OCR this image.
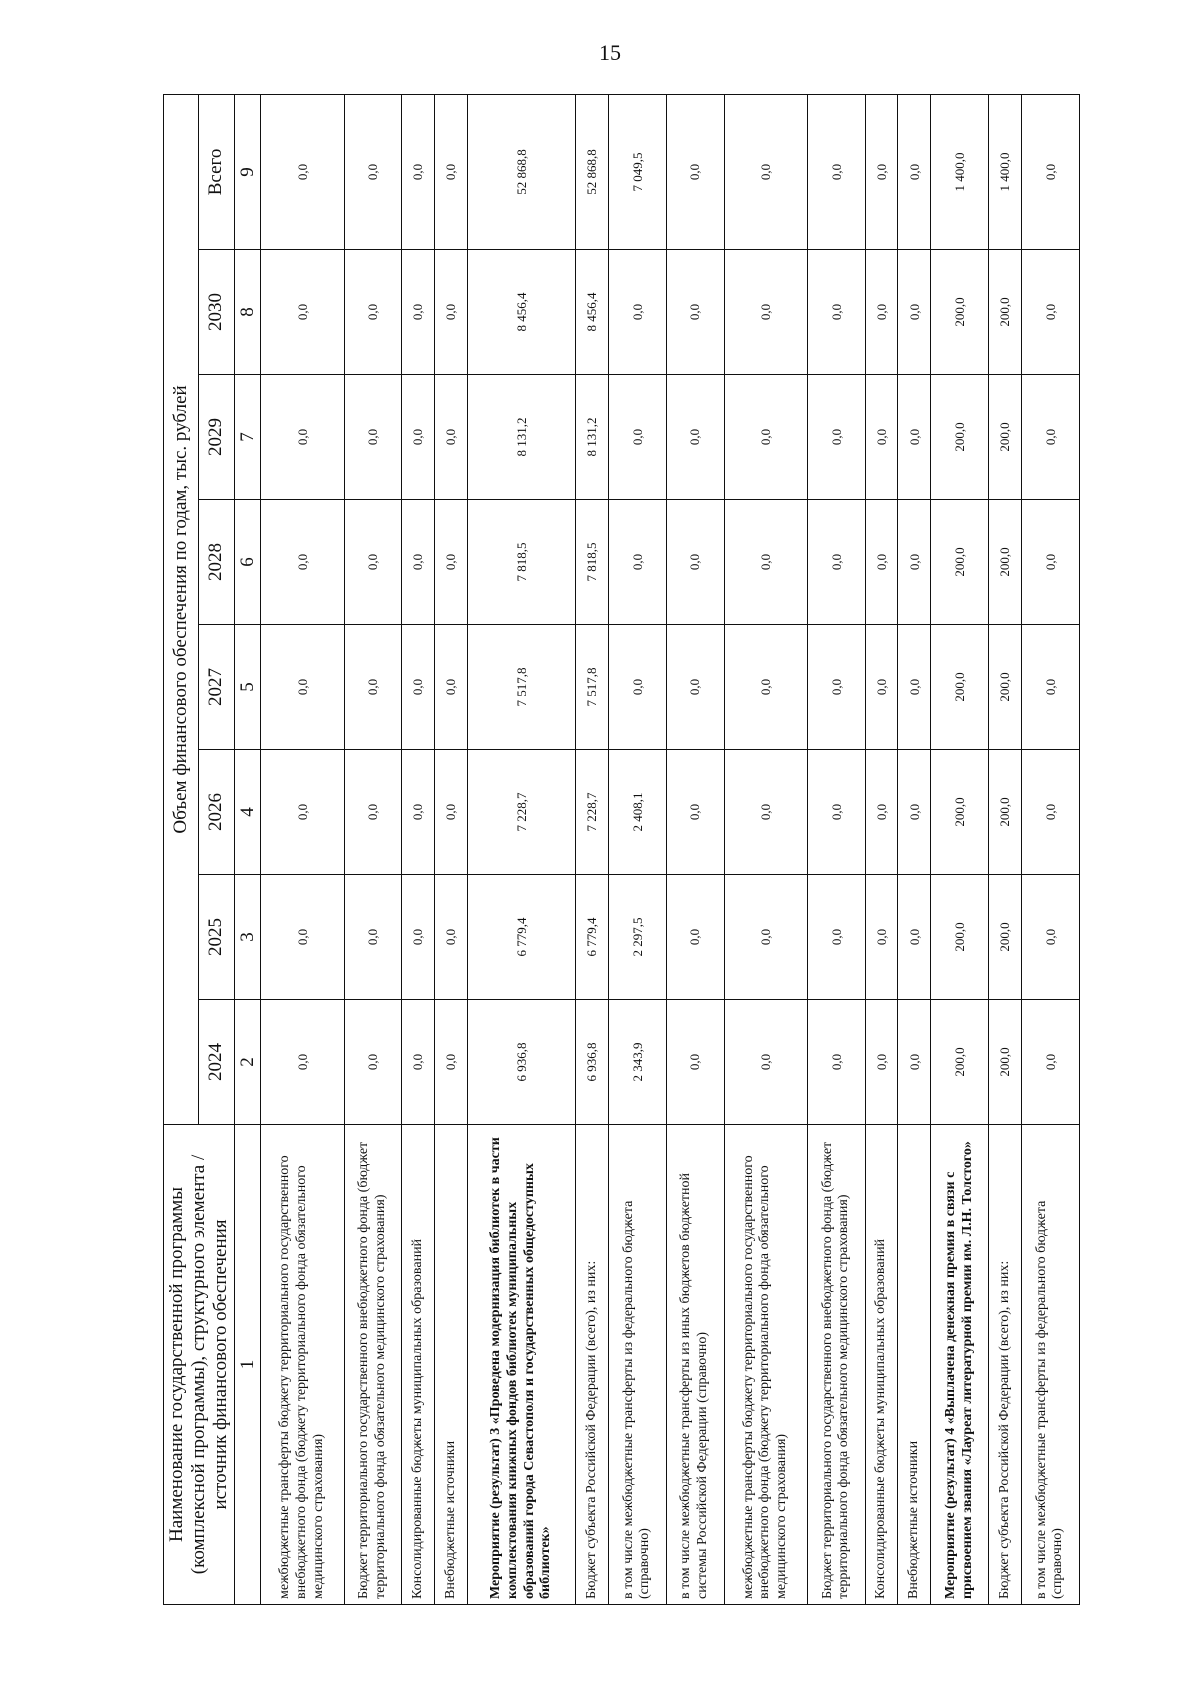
15
Наименование государственной программы (комплексной программы), структурного элемента / источник финансового обеспечения	Объем финансового обеспечения по годам, тыс. рублей							
	2024	2025	2026	2027	2028	2029	2030	Всего
1	2	3	4	5	6	7	8	9
межбюджетные трансферты бюджету территориального государственного внебюджетного фонда (бюджету территориального фонда обязательного медицинского страхования)	0,0	0,0	0,0	0,0	0,0	0,0	0,0	0,0
Бюджет территориального государственного внебюджетного фонда (бюджет территориального фонда обязательного медицинского страхования)	0,0	0,0	0,0	0,0	0,0	0,0	0,0	0,0
Консолидированные бюджеты муниципальных образований	0,0	0,0	0,0	0,0	0,0	0,0	0,0	0,0
Внебюджетные источники	0,0	0,0	0,0	0,0	0,0	0,0	0,0	0,0
Мероприятие (результат) 3 «Проведена модернизация библиотек в части комплектования книжных фондов библиотек муниципальных образований города Севастополя и государственных общедоступных библиотек»	6 936,8	6 779,4	7 228,7	7 517,8	7 818,5	8 131,2	8 456,4	52 868,8
Бюджет субъекта Российской Федерации (всего), из них:	6 936,8	6 779,4	7 228,7	7 517,8	7 818,5	8 131,2	8 456,4	52 868,8
в том числе межбюджетные трансферты из федерального бюджета (справочно)	2 343,9	2 297,5	2 408,1	0,0	0,0	0,0	0,0	7 049,5
в том числе межбюджетные трансферты из иных бюджетов бюджетной системы Российской Федерации (справочно)	0,0	0,0	0,0	0,0	0,0	0,0	0,0	0,0
межбюджетные трансферты бюджету территориального государственного внебюджетного фонда (бюджету территориального фонда обязательного медицинского страхования)	0,0	0,0	0,0	0,0	0,0	0,0	0,0	0,0
Бюджет территориального государственного внебюджетного фонда (бюджет территориального фонда обязательного медицинского страхования)	0,0	0,0	0,0	0,0	0,0	0,0	0,0	0,0
Консолидированные бюджеты муниципальных образований	0,0	0,0	0,0	0,0	0,0	0,0	0,0	0,0
Внебюджетные источники	0,0	0,0	0,0	0,0	0,0	0,0	0,0	0,0
Мероприятие (результат) 4 «Выплачена денежная премия в связи с присвоением звания «Лауреат литературной премии им. Л.Н. Толстого»	200,0	200,0	200,0	200,0	200,0	200,0	200,0	1 400,0
Бюджет субъекта Российской Федерации (всего), из них:	200,0	200,0	200,0	200,0	200,0	200,0	200,0	1 400,0
в том числе межбюджетные трансферты из федерального бюджета (справочно)	0,0	0,0	0,0	0,0	0,0	0,0	0,0	0,0
